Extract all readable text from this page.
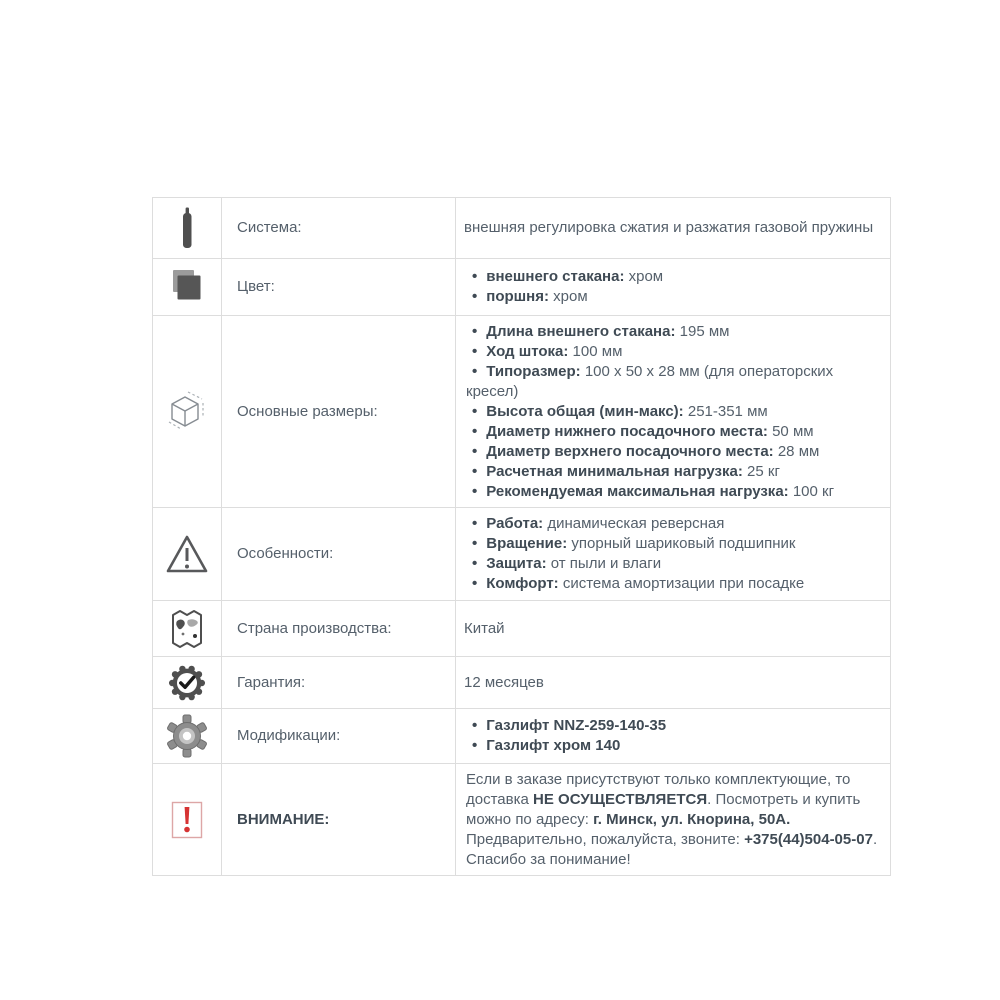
	Система:	внешняя регулировка сжатия и разжатия газовой пружины
	Цвет:	
• внешнего стакана: хром
• поршня: хром

	Основные размеры:	
• Длина внешнего стакана: 195 мм
• Ход штока: 100 мм
• Типоразмер: 100 x 50 x 28 мм (для операторских кресел)
• Высота общая (мин-макс): 251-351 мм
• Диаметр нижнего посадочного места: 50 мм
• Диаметр верхнего посадочного места: 28 мм
• Расчетная минимальная нагрузка: 25 кг
• Рекомендуемая максимальная нагрузка: 100 кг

	Особенности:	
• Работа: динамическая реверсная
• Вращение: упорный шариковый подшипник
• Защита: от пыли и влаги
• Комфорт: система амортизации при посадке

	Страна производства:	Китай
	Гарантия:	12 месяцев
	Модификации:	
• Газлифт NNZ-259-140-35
• Газлифт хром 140

	ВНИМАНИЕ:	Если в заказе присутствуют только комплектующие, то доставка НЕ ОСУЩЕСТВЛЯЕТСЯ. Посмотреть и купить можно по адресу: г. Минск, ул. Кнорина, 50А. Предварительно, пожалуйста, звоните: +375(44)504-05-07. Спасибо за понимание!
